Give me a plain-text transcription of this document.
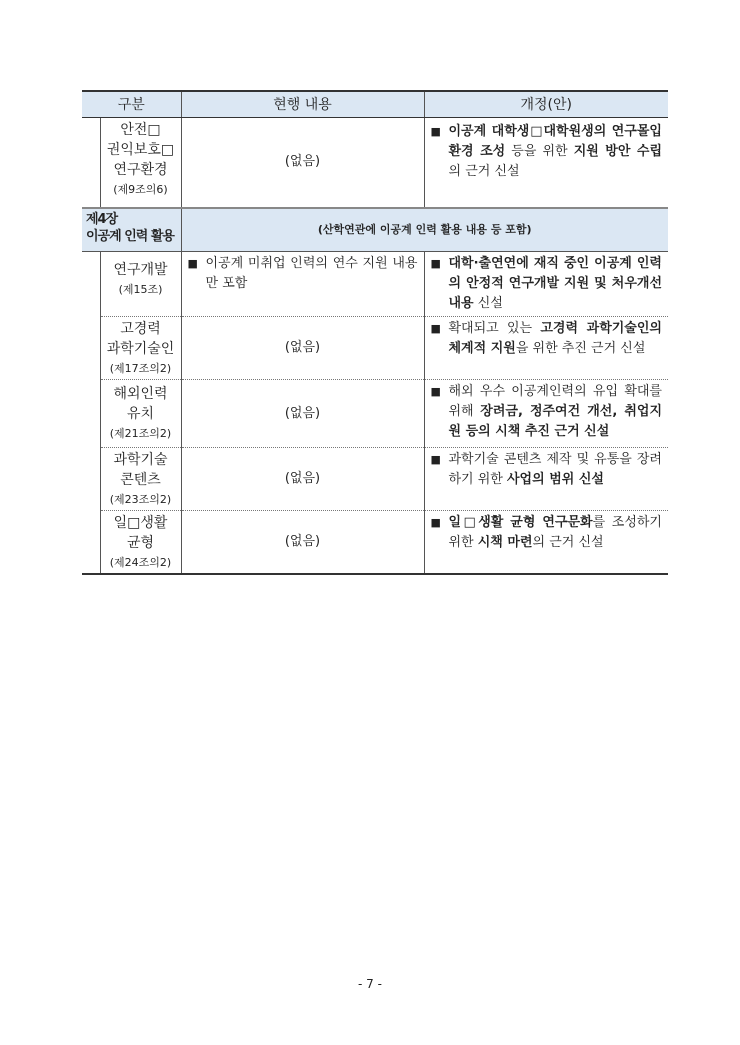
구분		현행 내용	개정(안)

	안전□
권익보호□
연구환경
(제9조의6)	(없음)	■ 이공계 대학생□대학원생의 연구몰입 환경 조성 등을 위한 지원 방안 수립의 근거 신설

제4장
이공계 인력 활용		(산학연관에 이공계 인력 활용 내용 등 포함)	

	연구개발
(제15조)	■ 이공계 미취업 인력의 연수 지원 내용만 포함	■ 대학·출연연에 재직 중인 이공계 인력의 안정적 연구개발 지원 및 처우개선 내용 신설

	고경력
과학기술인
(제17조의2)	(없음)	■ 확대되고 있는 고경력 과학기술인의 체계적 지원을 위한 추진 근거 신설

	해외인력
유치
(제21조의2)	(없음)	■ 해외 우수 이공계인력의 유입 확대를 위해 장려금, 정주여건 개선, 취업지원 등의 시책 추진 근거 신설

	과학기술
콘텐츠
(제23조의2)	(없음)	■ 과학기술 콘텐츠 제작 및 유통을 장려하기 위한 사업의 범위 신설

	일□생활
균형
(제24조의2)	(없음)	■ 일□생활 균형 연구문화를 조성하기 위한 시책 마련의 근거 신설
- 7 -
